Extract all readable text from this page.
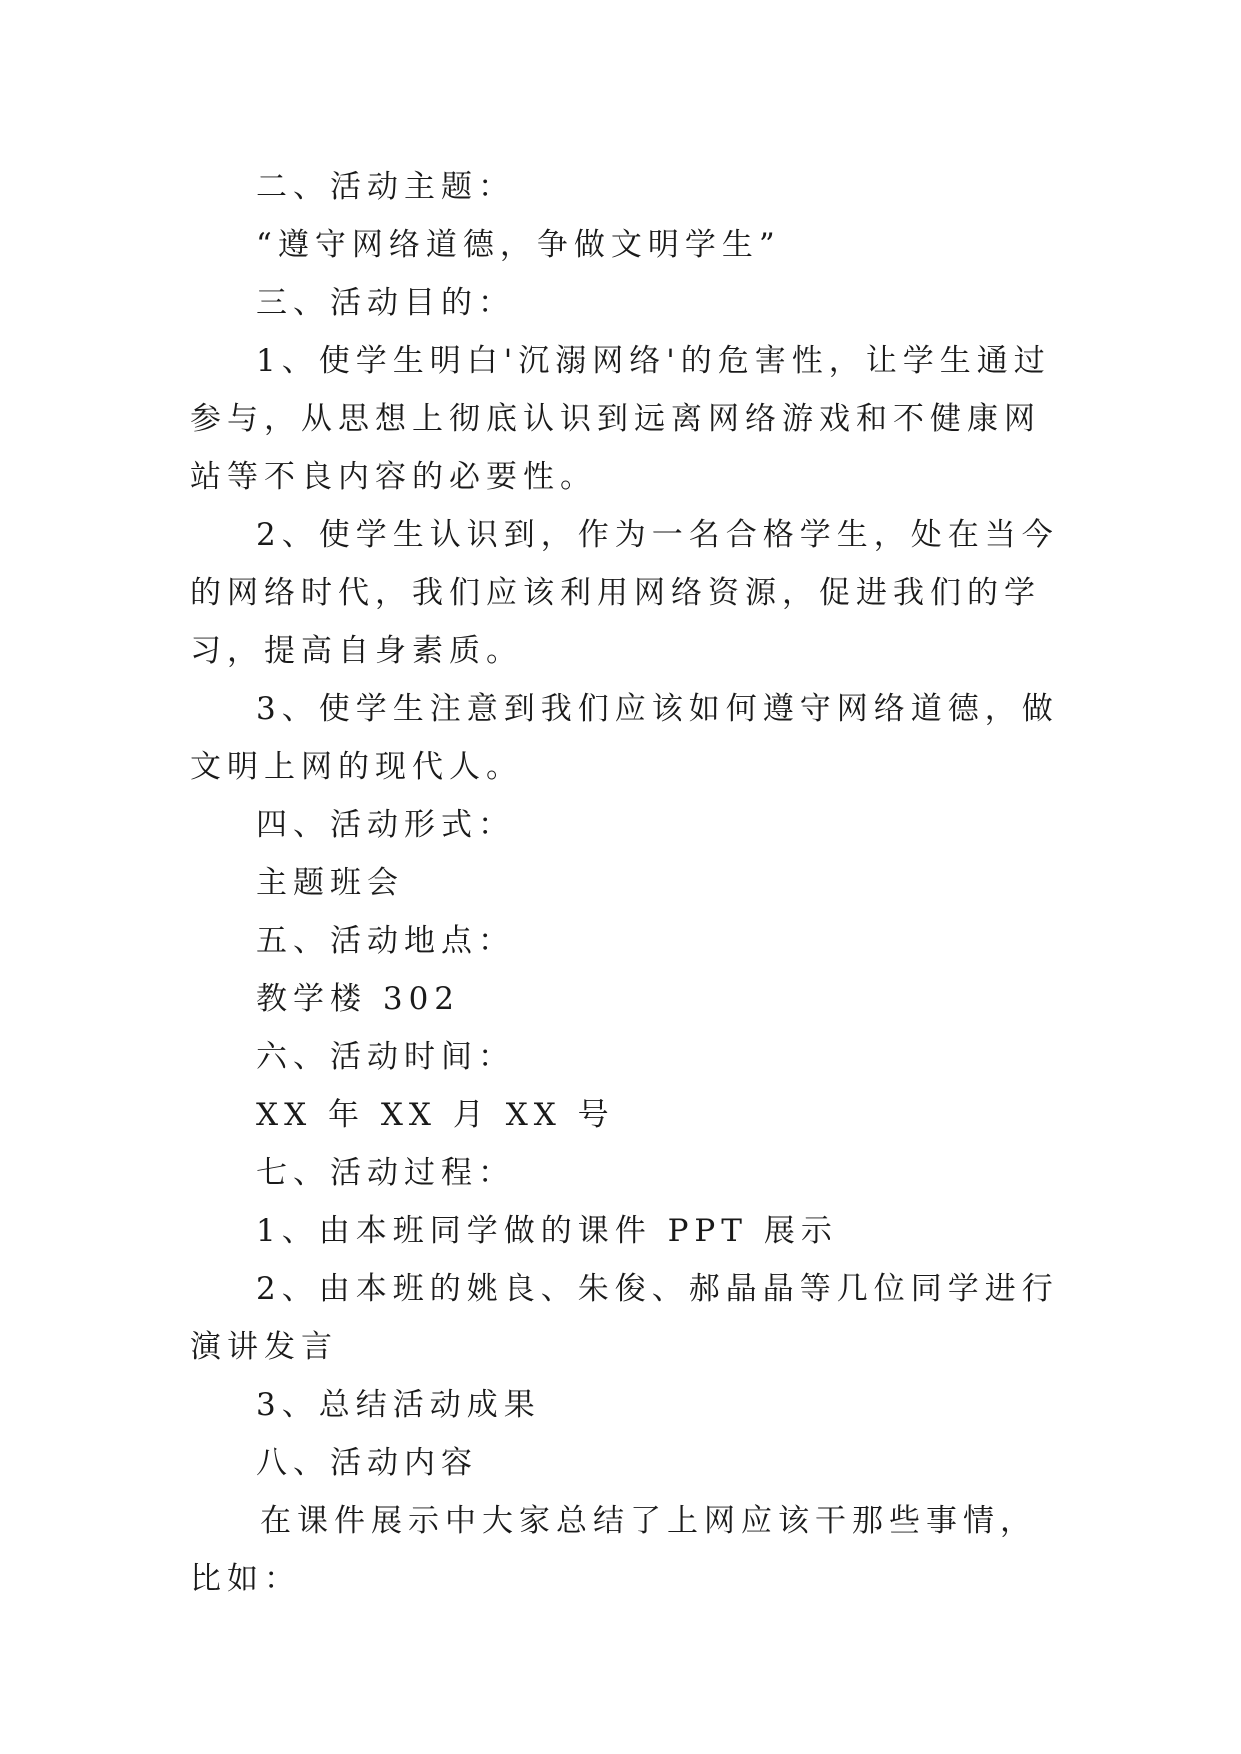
二、活动主题：

“遵守网络道德，争做文明学生”

三、活动目的：

1、使学生明白'沉溺网络'的危害性，让学生通过参与，从思想上彻底认识到远离网络游戏和不健康网站等不良内容的必要性。

2、使学生认识到，作为一名合格学生，处在当今的网络时代，我们应该利用网络资源，促进我们的学习，提高自身素质。

3、使学生注意到我们应该如何遵守网络道德，做文明上网的现代人。

四、活动形式：

主题班会

五、活动地点：

教学楼 302

六、活动时间：

XX 年 XX 月 XX 号

七、活动过程：

1、由本班同学做的课件 PPT 展示

2、由本班的姚良、朱俊、郝晶晶等几位同学进行演讲发言

3、总结活动成果

八、活动内容

在课件展示中大家总结了上网应该干那些事情，比如：
